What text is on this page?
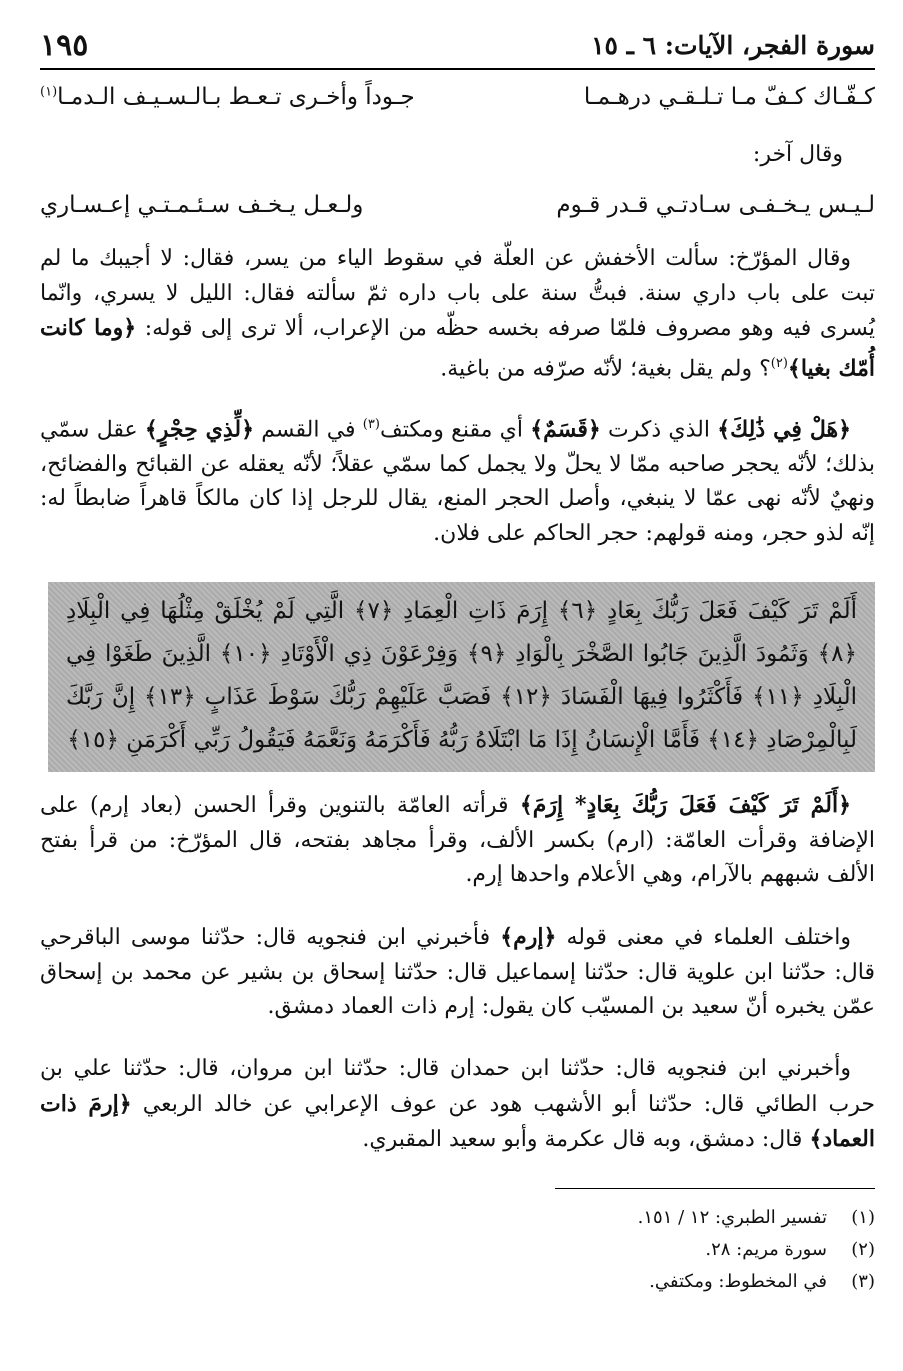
سورة الفجر، الآيات: ٦ ـ ١٥
١٩٥
كـفّـاك كـفّ مـا تـلـقـي درهـمـا
جـوداً وأخـرى تـعـط بـالـسـيـف الـدمـا$^{(١)}$
وقال آخر:
لـيـس يـخـفـى سـادتـي قـدر قـوم
ولـعـل يـخـف سـئـمـتـي إعـسـاري

وقال المؤرّخ: سألت الأخفش عن العلّة في سقوط الياء من يسر، فقال: لا أجيبك ما لم تبت على باب داري سنة. فبتُّ سنة على باب داره ثمّ سألته فقال: الليل لا يسري، وانّما يُسرى فيه وهو مصروف فلمّا صرفه بخسه حظّه من الإعراب، ألا ترى إلى قوله: ﴿وما كانت أُمّك بغيا﴾$^{(٢)}$؟ ولم يقل بغية؛ لأنّه صرّفه من باغية.

﴿هَلْ فِي ذَٰلِكَ﴾ الذي ذكرت ﴿قَسَمٌ﴾ أي مقنع ومكتف$^{(٣)}$ في القسم ﴿لِّذِي حِجْرٍ﴾ عقل سمّي بذلك؛ لأنّه يحجر صاحبه ممّا لا يحلّ ولا يجمل كما سمّي عقلاً؛ لأنّه يعقله عن القبائح والفضائح، ونهيٌ لأنّه نهى عمّا لا ينبغي، وأصل الحجر المنع، يقال للرجل إذا كان مالكاً قاهراً ضابطاً له: إنّه لذو حجر، ومنه قولهم: حجر الحاكم على فلان.

أَلَمْ تَرَ كَيْفَ فَعَلَ رَبُّكَ بِعَادٍ ﴿٦﴾ إِرَمَ ذَاتِ الْعِمَادِ ﴿٧﴾ الَّتِي لَمْ يُخْلَقْ مِثْلُهَا فِي الْبِلَادِ ﴿٨﴾ وَثَمُودَ الَّذِينَ جَابُوا الصَّخْرَ بِالْوَادِ ﴿٩﴾ وَفِرْعَوْنَ ذِي الْأَوْتَادِ ﴿١٠﴾ الَّذِينَ طَغَوْا فِي الْبِلَادِ ﴿١١﴾ فَأَكْثَرُوا فِيهَا الْفَسَادَ ﴿١٢﴾ فَصَبَّ عَلَيْهِمْ رَبُّكَ سَوْطَ عَذَابٍ ﴿١٣﴾ إِنَّ رَبَّكَ لَبِالْمِرْصَادِ ﴿١٤﴾ فَأَمَّا الْإِنسَانُ إِذَا مَا ابْتَلَاهُ رَبُّهُ فَأَكْرَمَهُ وَنَعَّمَهُ فَيَقُولُ رَبِّي أَكْرَمَنِ ﴿١٥﴾

﴿أَلَمْ تَرَ كَيْفَ فَعَلَ رَبُّكَ بِعَادٍ* إِرَمَ﴾ قرأته العامّة بالتنوين وقرأ الحسن (بعاد إرم) على الإضافة وقرأت العامّة: (ارم) بكسر الألف، وقرأ مجاهد بفتحه، قال المؤرّخ: من قرأ بفتح الألف شبههم بالآرام، وهي الأعلام واحدها إرم.

واختلف العلماء في معنى قوله ﴿إرم﴾ فأخبرني ابن فنجويه قال: حدّثنا موسى الباقرحي قال: حدّثنا ابن علوية قال: حدّثنا إسماعيل قال: حدّثنا إسحاق بن بشير عن محمد بن إسحاق عمّن يخبره أنّ سعيد بن المسيّب كان يقول: إرم ذات العماد دمشق.

وأخبرني ابن فنجويه قال: حدّثنا ابن حمدان قال: حدّثنا ابن مروان، قال: حدّثنا علي بن حرب الطائي قال: حدّثنا أبو الأشهب هود عن عوف الإعرابي عن خالد الربعي ﴿إرمَ ذات العماد﴾ قال: دمشق، وبه قال عكرمة وأبو سعيد المقبري.

(١)
تفسير الطبري: ١٢ / ١٥١.
(٢)
سورة مريم: ٢٨.
(٣)
في المخطوط: ومكتفي.
